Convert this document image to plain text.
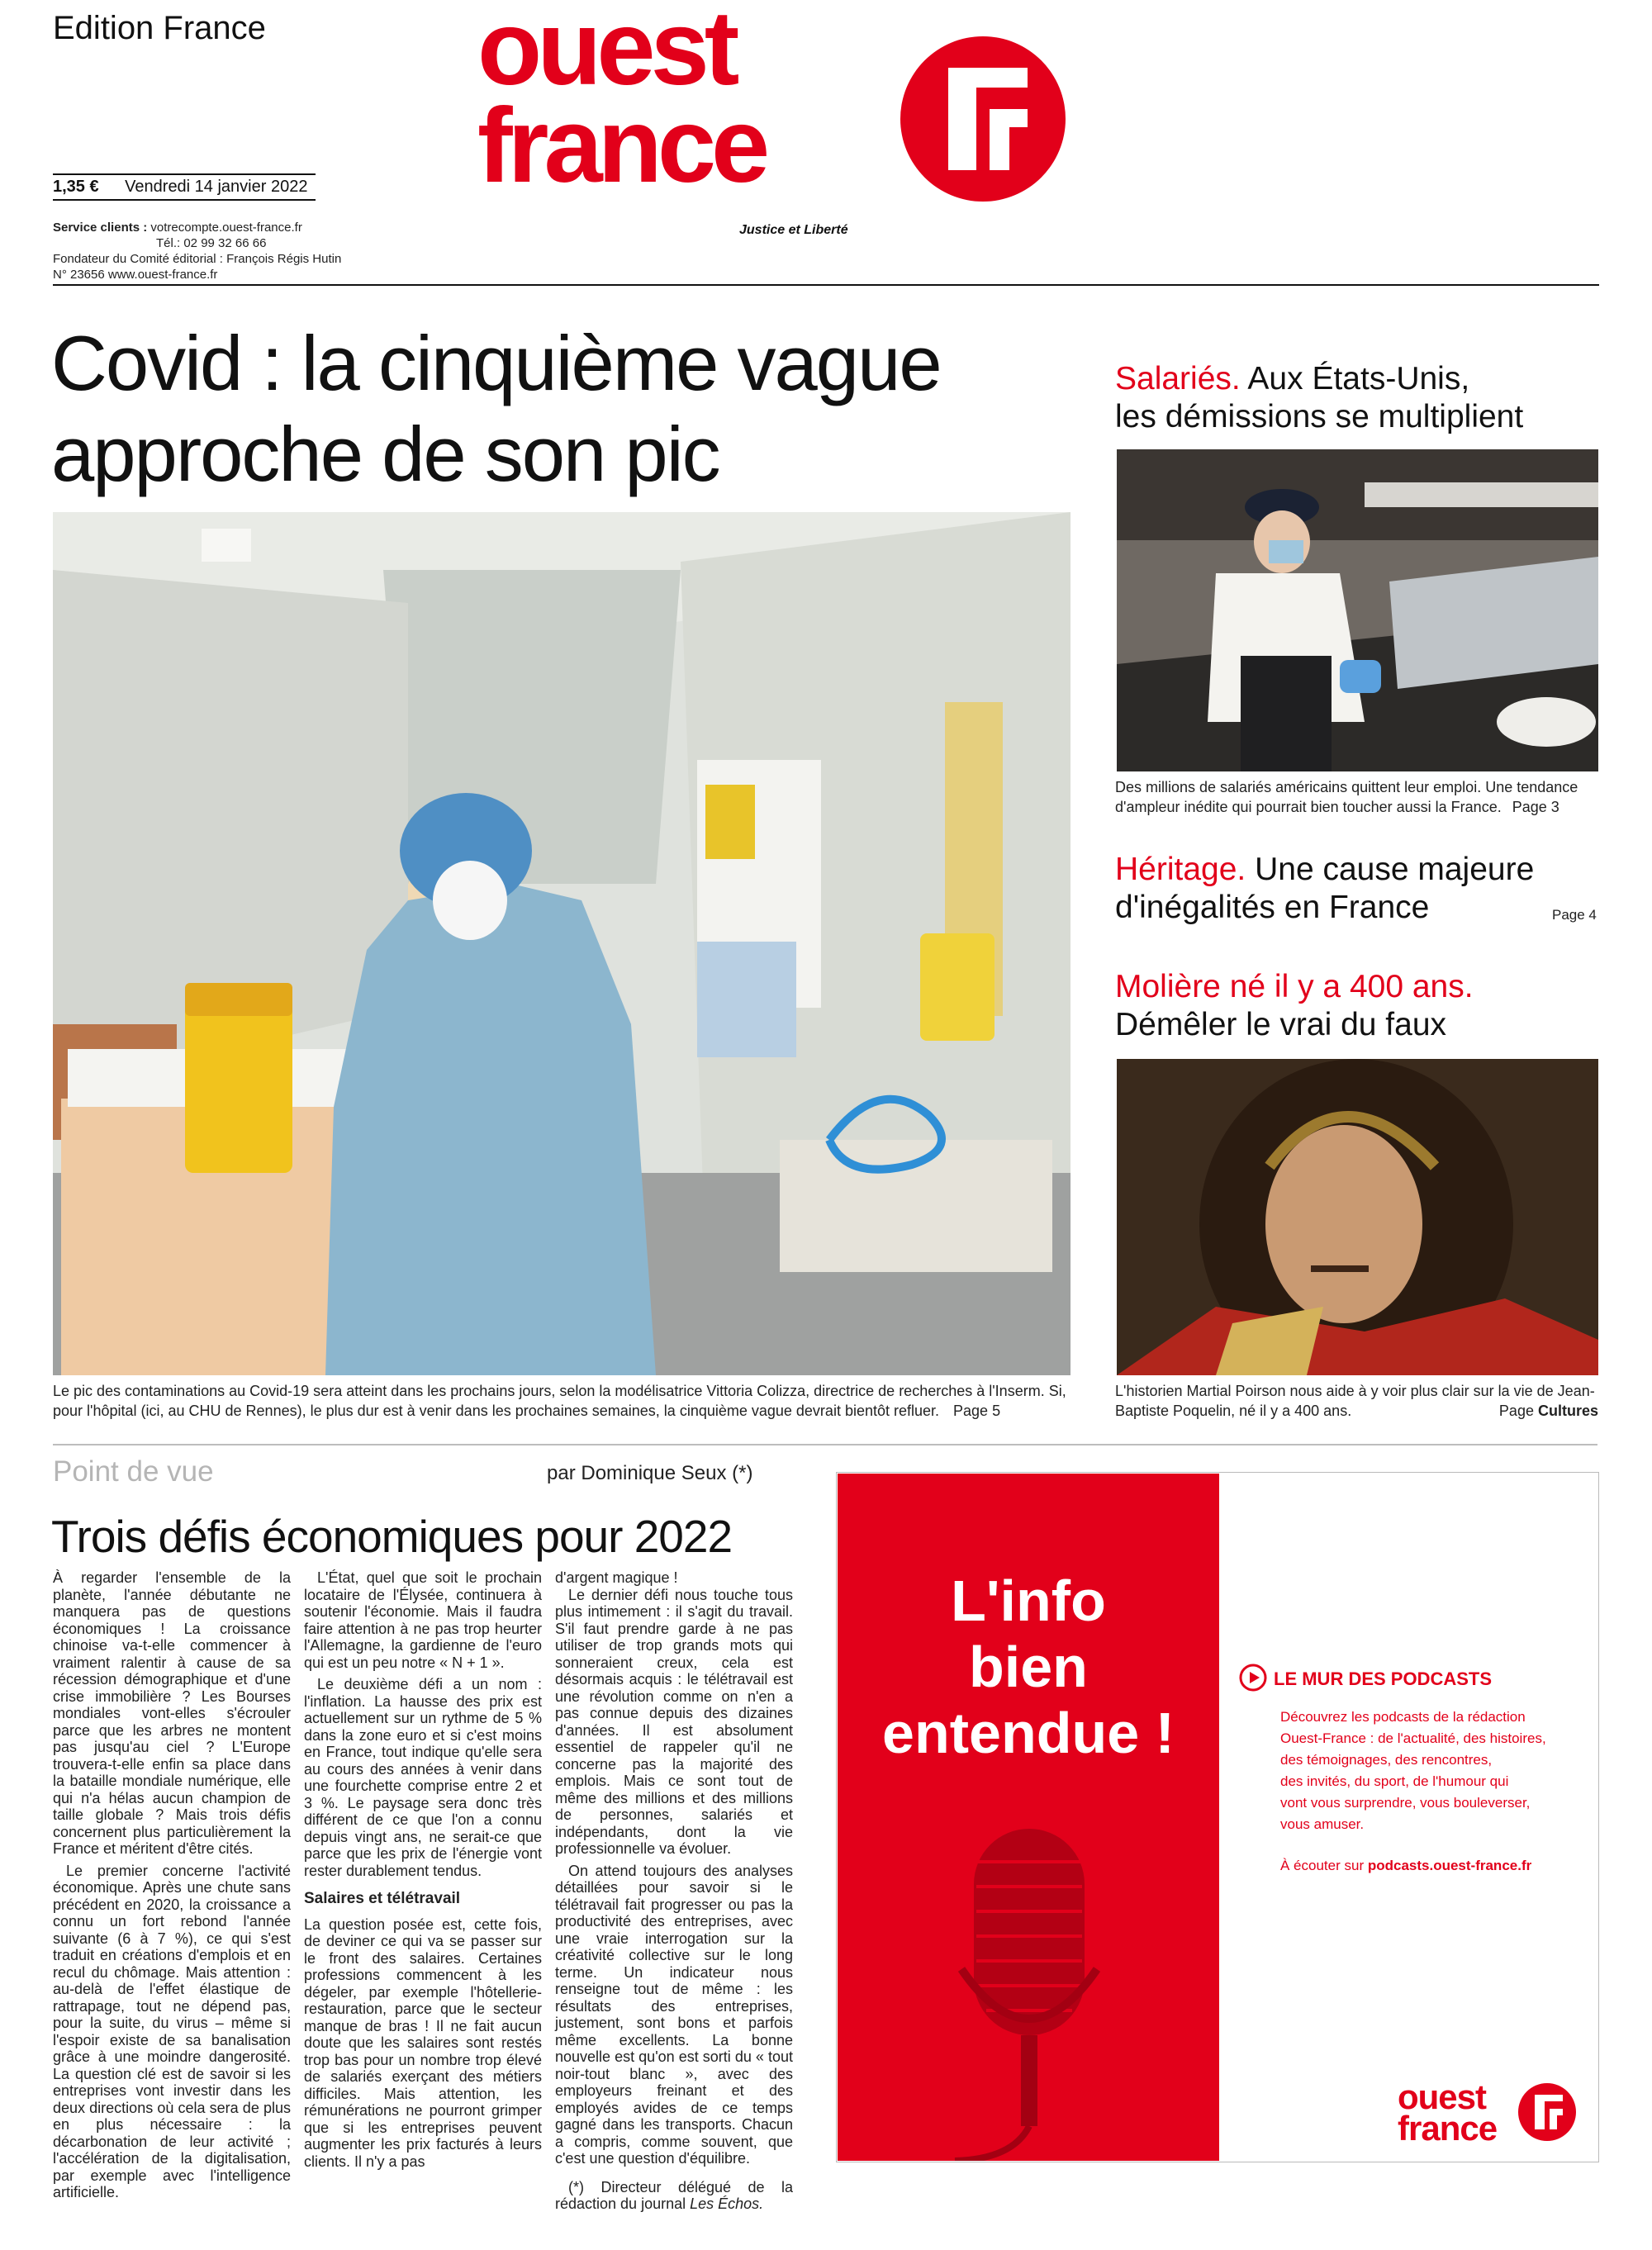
Edition France ouest
france
Justice et Liberté
1,35 € Vendredi 14 janvier 2022
Service clients : votrecompte.ouest-france.fr
Tél.: 02 99 32 66 66
Fondateur du Comité éditorial : François Régis Hutin
N° 23656 www.ouest-france.fr
Covid : la cinquième vague
approche de son pic
Le pic des contaminations au Covid-19 sera atteint dans les prochains jours, selon la modélisatrice Vittoria Colizza, directrice de recherches à l'Inserm. Si, pour l'hôpital (ici, au CHU de Rennes), le plus dur est à venir dans les prochaines semaines, la cinquième vague devrait bientôt refluer. Page 5
Salariés. Aux États-Unis,
les démissions se multiplient
Des millions de salariés américains quittent leur emploi. Une tendance d'ampleur inédite qui pourrait bien toucher aussi la France. Page 3
Héritage. Une cause majeure
d'inégalités en France	Page 4
Molière né il y a 400 ans.
Démêler le vrai du faux
L'historien Martial Poirson nous aide à y voir plus clair sur la vie de Jean-Baptiste Poquelin, né il y a 400 ans.	Page Cultures
Point de vue	par Dominique Seux (*)
Trois défis économiques pour 2022

À regarder l'ensemble de la planète, l'année débutante ne manquera pas de questions économiques ! La croissance chinoise va-t-elle commencer à vraiment ralentir à cause de sa récession démographique et d'une crise immobilière ? Les Bourses mondiales vont-elles s'écrouler parce que les arbres ne montent pas jusqu'au ciel ? L'Europe trouvera-t-elle enfin sa place dans la bataille mondiale numérique, elle qui n'a hélas aucun champion de taille globale ? Mais trois défis concernent plus particulièrement la France et méritent d'être cités.

Le premier concerne l'activité économique. Après une chute sans précédent en 2020, la croissance a connu un fort rebond l'année suivante (6 à 7 %), ce qui s'est traduit en créations d'emplois et en recul du chômage. Mais attention : au-delà de l'effet élastique de rattrapage, tout ne dépend pas, pour la suite, du virus – même si l'espoir existe de sa banalisation grâce à une moindre dangerosité. La question clé est de savoir si les entreprises vont investir dans les deux directions où cela sera de plus en plus nécessaire : la décarbonation de leur activité ; l'accélération de la digitalisation, par exemple avec l'intelligence artificielle.

L'État, quel que soit le prochain locataire de l'Élysée, continuera à soutenir l'économie. Mais il faudra faire attention à ne pas trop heurter l'Allemagne, la gardienne de l'euro qui est un peu notre « N + 1 ».

Le deuxième défi a un nom : l'inflation. La hausse des prix est actuellement sur un rythme de 5 % dans la zone euro et si c'est moins en France, tout indique qu'elle sera au cours des années à venir dans une fourchette comprise entre 2 et 3 %. Le paysage sera donc très différent de ce que l'on a connu depuis vingt ans, ne serait-ce que parce que les prix de l'énergie vont rester durablement tendus.

Salaires et télétravail

La question posée est, cette fois, de deviner ce qui va se passer sur le front des salaires. Certaines professions commencent à les dégeler, par exemple l'hôtellerie-restauration, parce que le secteur manque de bras ! Il ne fait aucun doute que les salaires sont restés trop bas pour un nombre trop élevé de salariés exerçant des métiers difficiles. Mais attention, les rémunérations ne pourront grimper que si les entreprises peuvent augmenter les prix facturés à leurs clients. Il n'y a pas

d'argent magique !

Le dernier défi nous touche tous plus intimement : il s'agit du travail. S'il faut prendre garde à ne pas utiliser de trop grands mots qui sonneraient creux, cela est désormais acquis : le télétravail est une révolution comme on n'en a pas connue depuis des dizaines d'années. Il est absolument essentiel de rappeler qu'il ne concerne pas la majorité des emplois. Mais ce sont tout de même des millions et des millions de personnes, salariés et indépendants, dont la vie professionnelle va évoluer.

On attend toujours des analyses détaillées pour savoir si le télétravail fait progresser ou pas la productivité des entreprises, avec une vraie interrogation sur la créativité collective sur le long terme. Un indicateur nous renseigne tout de même : les résultats des entreprises, justement, sont bons et parfois même excellents. La bonne nouvelle est qu'on est sorti du « tout noir-tout blanc », avec des employeurs freinant et des employés avides de ce temps gagné dans les transports. Chacun a compris, comme souvent, que c'est une question d'équilibre.

(*) Directeur délégué de la rédaction du journal Les Échos.

L'info
bien
entendue !
LE MUR DES PODCASTS
Découvrez les podcasts de la rédaction
Ouest-France : de l'actualité, des histoires,
des témoignages, des rencontres,
des invités, du sport, de l'humour qui
vont vous surprendre, vous bouleverser,
vous amuser.
À écouter sur podcasts.ouest-france.fr
ouest
france
